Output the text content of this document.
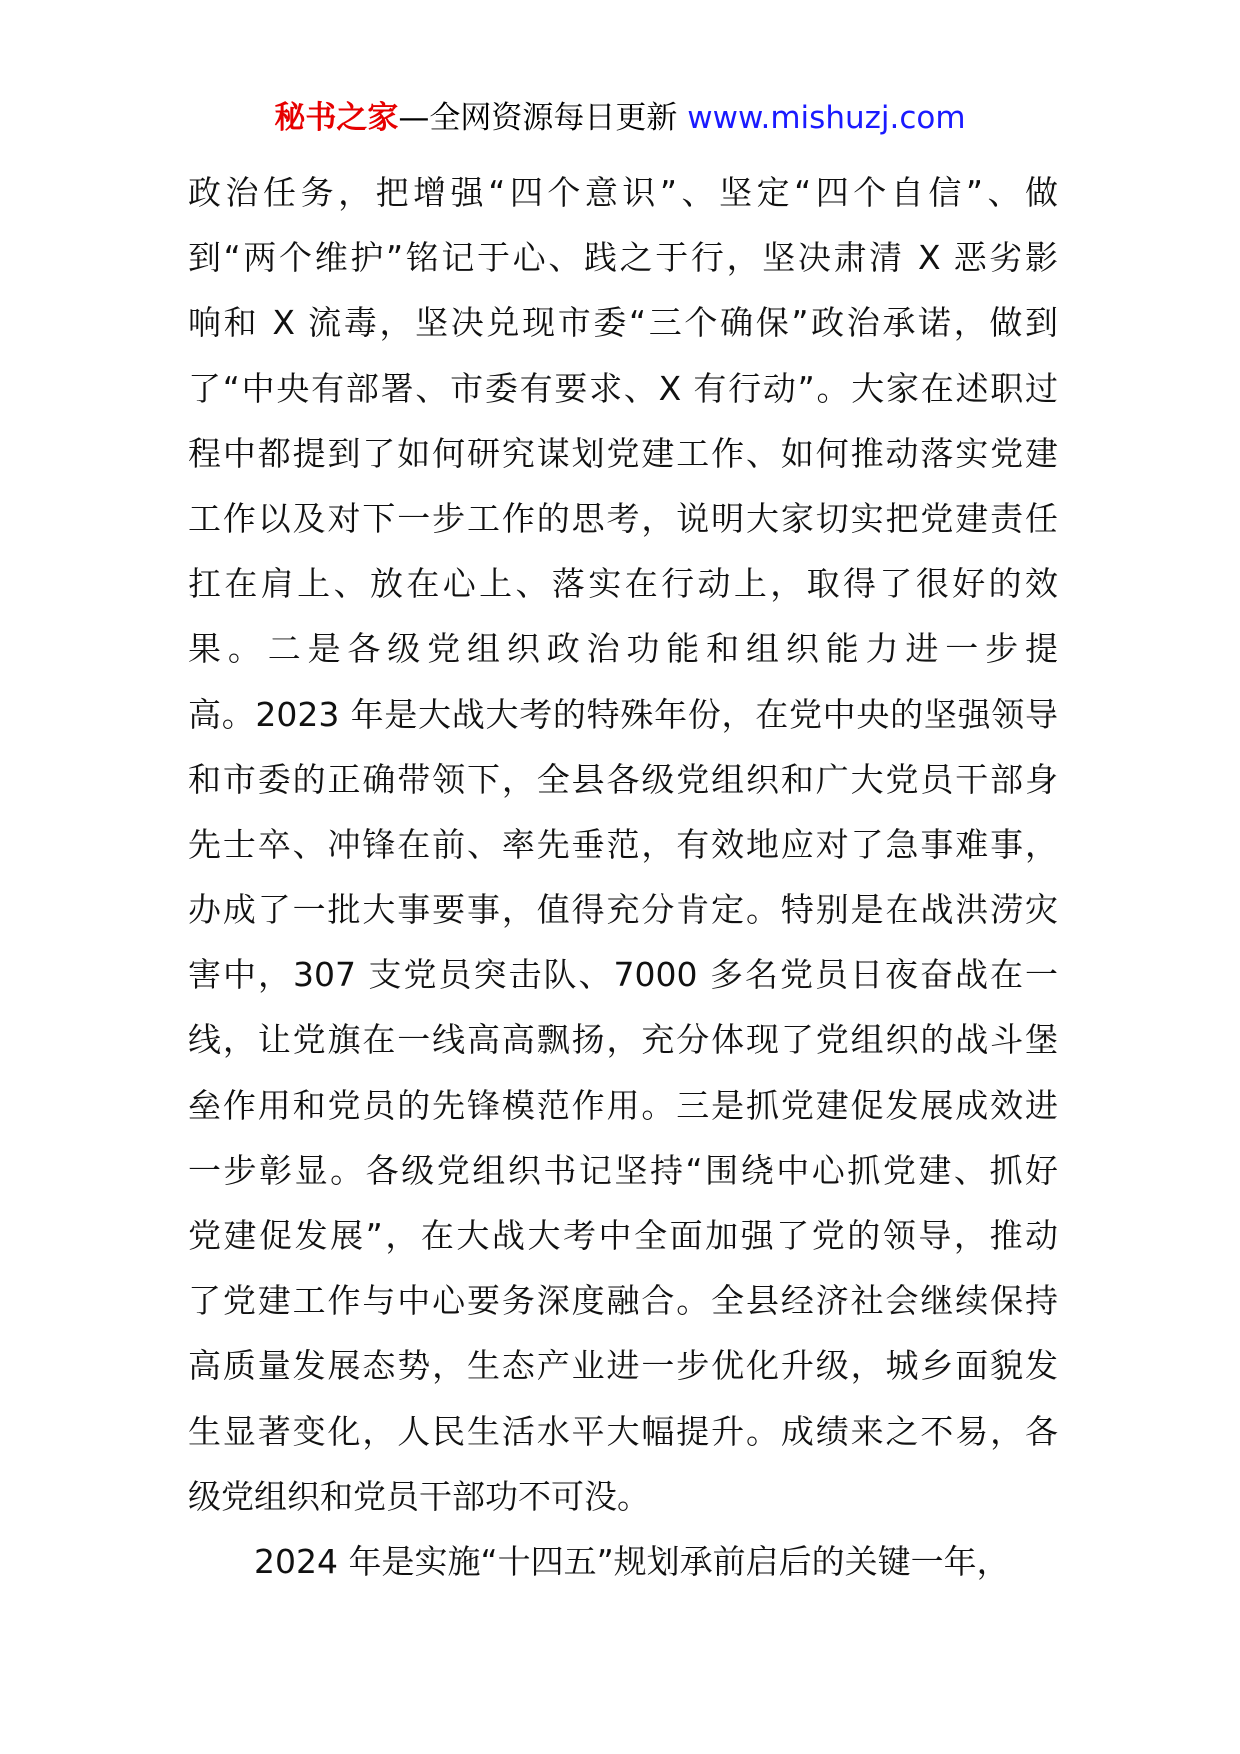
秘书之家—全网资源每日更新 www.mishuzj.com
政治任务，把增强“四个意识”、坚定“四个自信”、做
到“两个维护”铭记于心、践之于行，坚决肃清 X 恶劣影
响和 X 流毒，坚决兑现市委“三个确保”政治承诺，做到
了“中央有部署、市委有要求、X 有行动”。大家在述职过
程中都提到了如何研究谋划党建工作、如何推动落实党建
工作以及对下一步工作的思考，说明大家切实把党建责任
扛在肩上、放在心上、落实在行动上，取得了很好的效
果。二是各级党组织政治功能和组织能力进一步提
高。2023 年是大战大考的特殊年份，在党中央的坚强领导
和市委的正确带领下，全县各级党组织和广大党员干部身
先士卒、冲锋在前、率先垂范，有效地应对了急事难事，
办成了一批大事要事，值得充分肯定。特别是在战洪涝灾
害中，307 支党员突击队、7000 多名党员日夜奋战在一
线，让党旗在一线高高飘扬，充分体现了党组织的战斗堡
垒作用和党员的先锋模范作用。三是抓党建促发展成效进
一步彰显。各级党组织书记坚持“围绕中心抓党建、抓好
党建促发展”，在大战大考中全面加强了党的领导，推动
了党建工作与中心要务深度融合。全县经济社会继续保持
高质量发展态势，生态产业进一步优化升级，城乡面貌发
生显著变化，人民生活水平大幅提升。成绩来之不易，各
级党组织和党员干部功不可没。
2024 年是实施“十四五”规划承前启后的关键一年，
